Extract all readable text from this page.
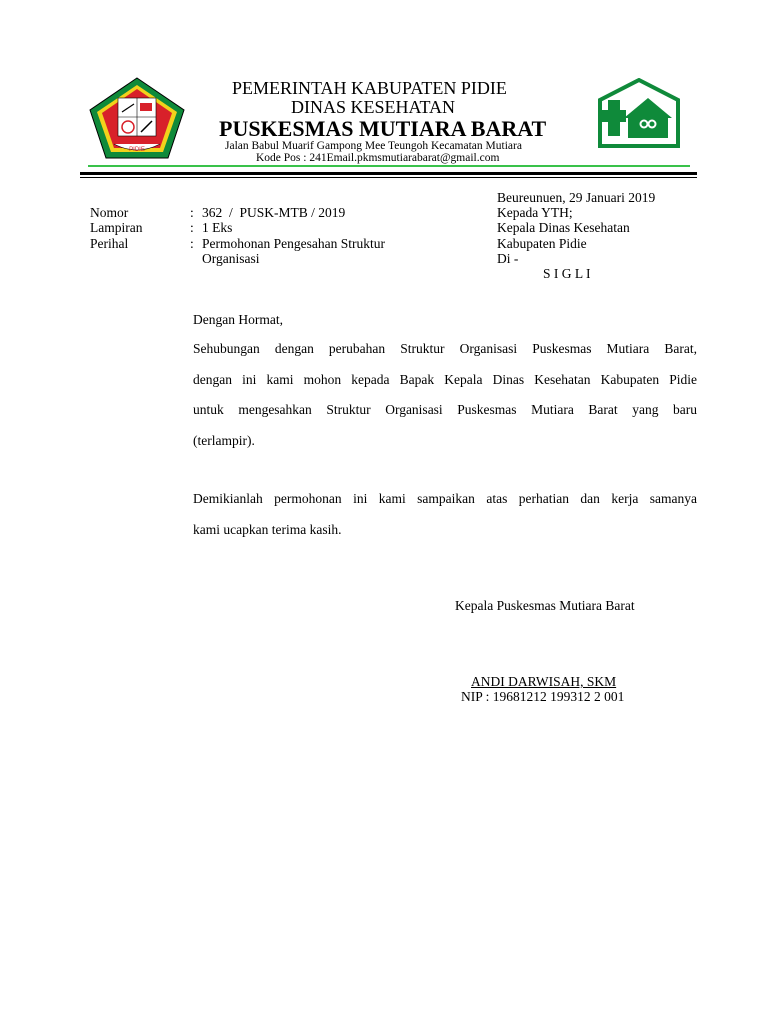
PIDIE
PEMERINTAH KABUPATEN PIDIE
DINAS KESEHATAN
PUSKESMAS MUTIARA BARAT
Jalan Babul Muarif Gampong Mee Teungoh Kecamatan Mutiara
Kode Pos : 241Email.pkmsmutiarabarat@gmail.com
Nomor	: 362  /  PUSK-MTB / 2019
Lampiran	: 1 Eks
Perihal	: Permohonan Pengesahan Struktur
Organisasi
Beureunuen, 29 Januari 2019
Kepada YTH;
Kepala Dinas Kesehatan
Kabupaten Pidie
Di -
S I G L I
Dengan Hormat,
Sehubungan dengan perubahan Struktur Organisasi Puskesmas Mutiara Barat,
dengan ini kami mohon kepada Bapak Kepala Dinas Kesehatan Kabupaten Pidie
untuk mengesahkan Struktur Organisasi Puskesmas Mutiara Barat yang baru
(terlampir).
Demikianlah permohonan ini kami sampaikan atas perhatian dan kerja samanya
kami ucapkan terima kasih.
Kepala Puskesmas Mutiara Barat
ANDI DARWISAH, SKM
NIP : 19681212 199312 2 001
